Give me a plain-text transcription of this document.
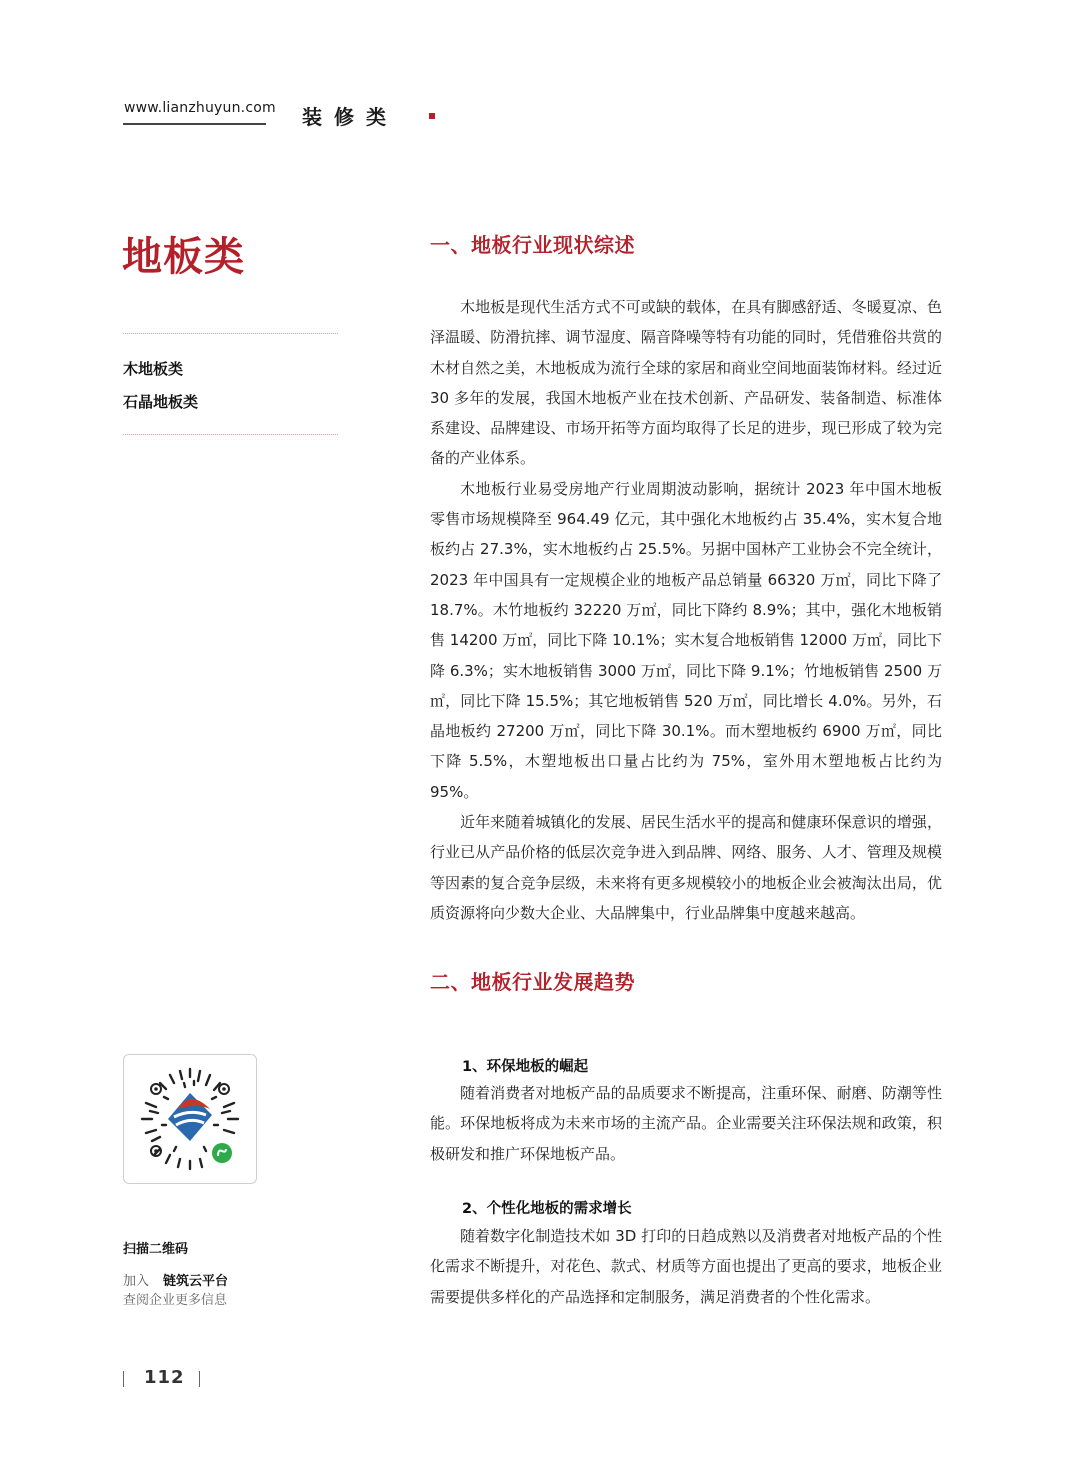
www.lianzhuyun.com 装修类
地板类
木地板类
石晶地板类
扫描二维码
加入 链筑云平台
查阅企业更多信息
112
一、地板行业现状综述

木地板是现代生活方式不可或缺的载体，在具有脚感舒适、冬暖夏凉、色泽温暖、防滑抗摔、调节湿度、隔音降噪等特有功能的同时，凭借雅俗共赏的木材自然之美，木地板成为流行全球的家居和商业空间地面装饰材料。经过近 30 多年的发展，我国木地板产业在技术创新、产品研发、装备制造、标准体系建设、品牌建设、市场开拓等方面均取得了长足的进步，现已形成了较为完备的产业体系。

木地板行业易受房地产行业周期波动影响，据统计 2023 年中国木地板零售市场规模降至 964.49 亿元，其中强化木地板约占 35.4%，实木复合地板约占 27.3%，实木地板约占 25.5%。另据中国林产工业协会不完全统计，2023 年中国具有一定规模企业的地板产品总销量 66320 万㎡，同比下降了 18.7%。木竹地板约 32220 万㎡，同比下降约 8.9%；其中，强化木地板销售 14200 万㎡，同比下降 10.1%；实木复合地板销售 12000 万㎡，同比下降 6.3%；实木地板销售 3000 万㎡，同比下降 9.1%；竹地板销售 2500 万㎡，同比下降 15.5%；其它地板销售 520 万㎡，同比增长 4.0%。另外，石晶地板约 27200 万㎡，同比下降 30.1%。而木塑地板约 6900 万㎡，同比下降 5.5%，木塑地板出口量占比约为 75%，室外用木塑地板占比约为 95%。

近年来随着城镇化的发展、居民生活水平的提高和健康环保意识的增强，行业已从产品价格的低层次竞争进入到品牌、网络、服务、人才、管理及规模等因素的复合竞争层级，未来将有更多规模较小的地板企业会被淘汰出局，优质资源将向少数大企业、大品牌集中，行业品牌集中度越来越高。

二、地板行业发展趋势
1、环保地板的崛起

随着消费者对地板产品的品质要求不断提高，注重环保、耐磨、防潮等性能。环保地板将成为未来市场的主流产品。企业需要关注环保法规和政策，积极研发和推广环保地板产品。

2、个性化地板的需求增长

随着数字化制造技术如 3D 打印的日趋成熟以及消费者对地板产品的个性化需求不断提升，对花色、款式、材质等方面也提出了更高的要求，地板企业需要提供多样化的产品选择和定制服务，满足消费者的个性化需求。
